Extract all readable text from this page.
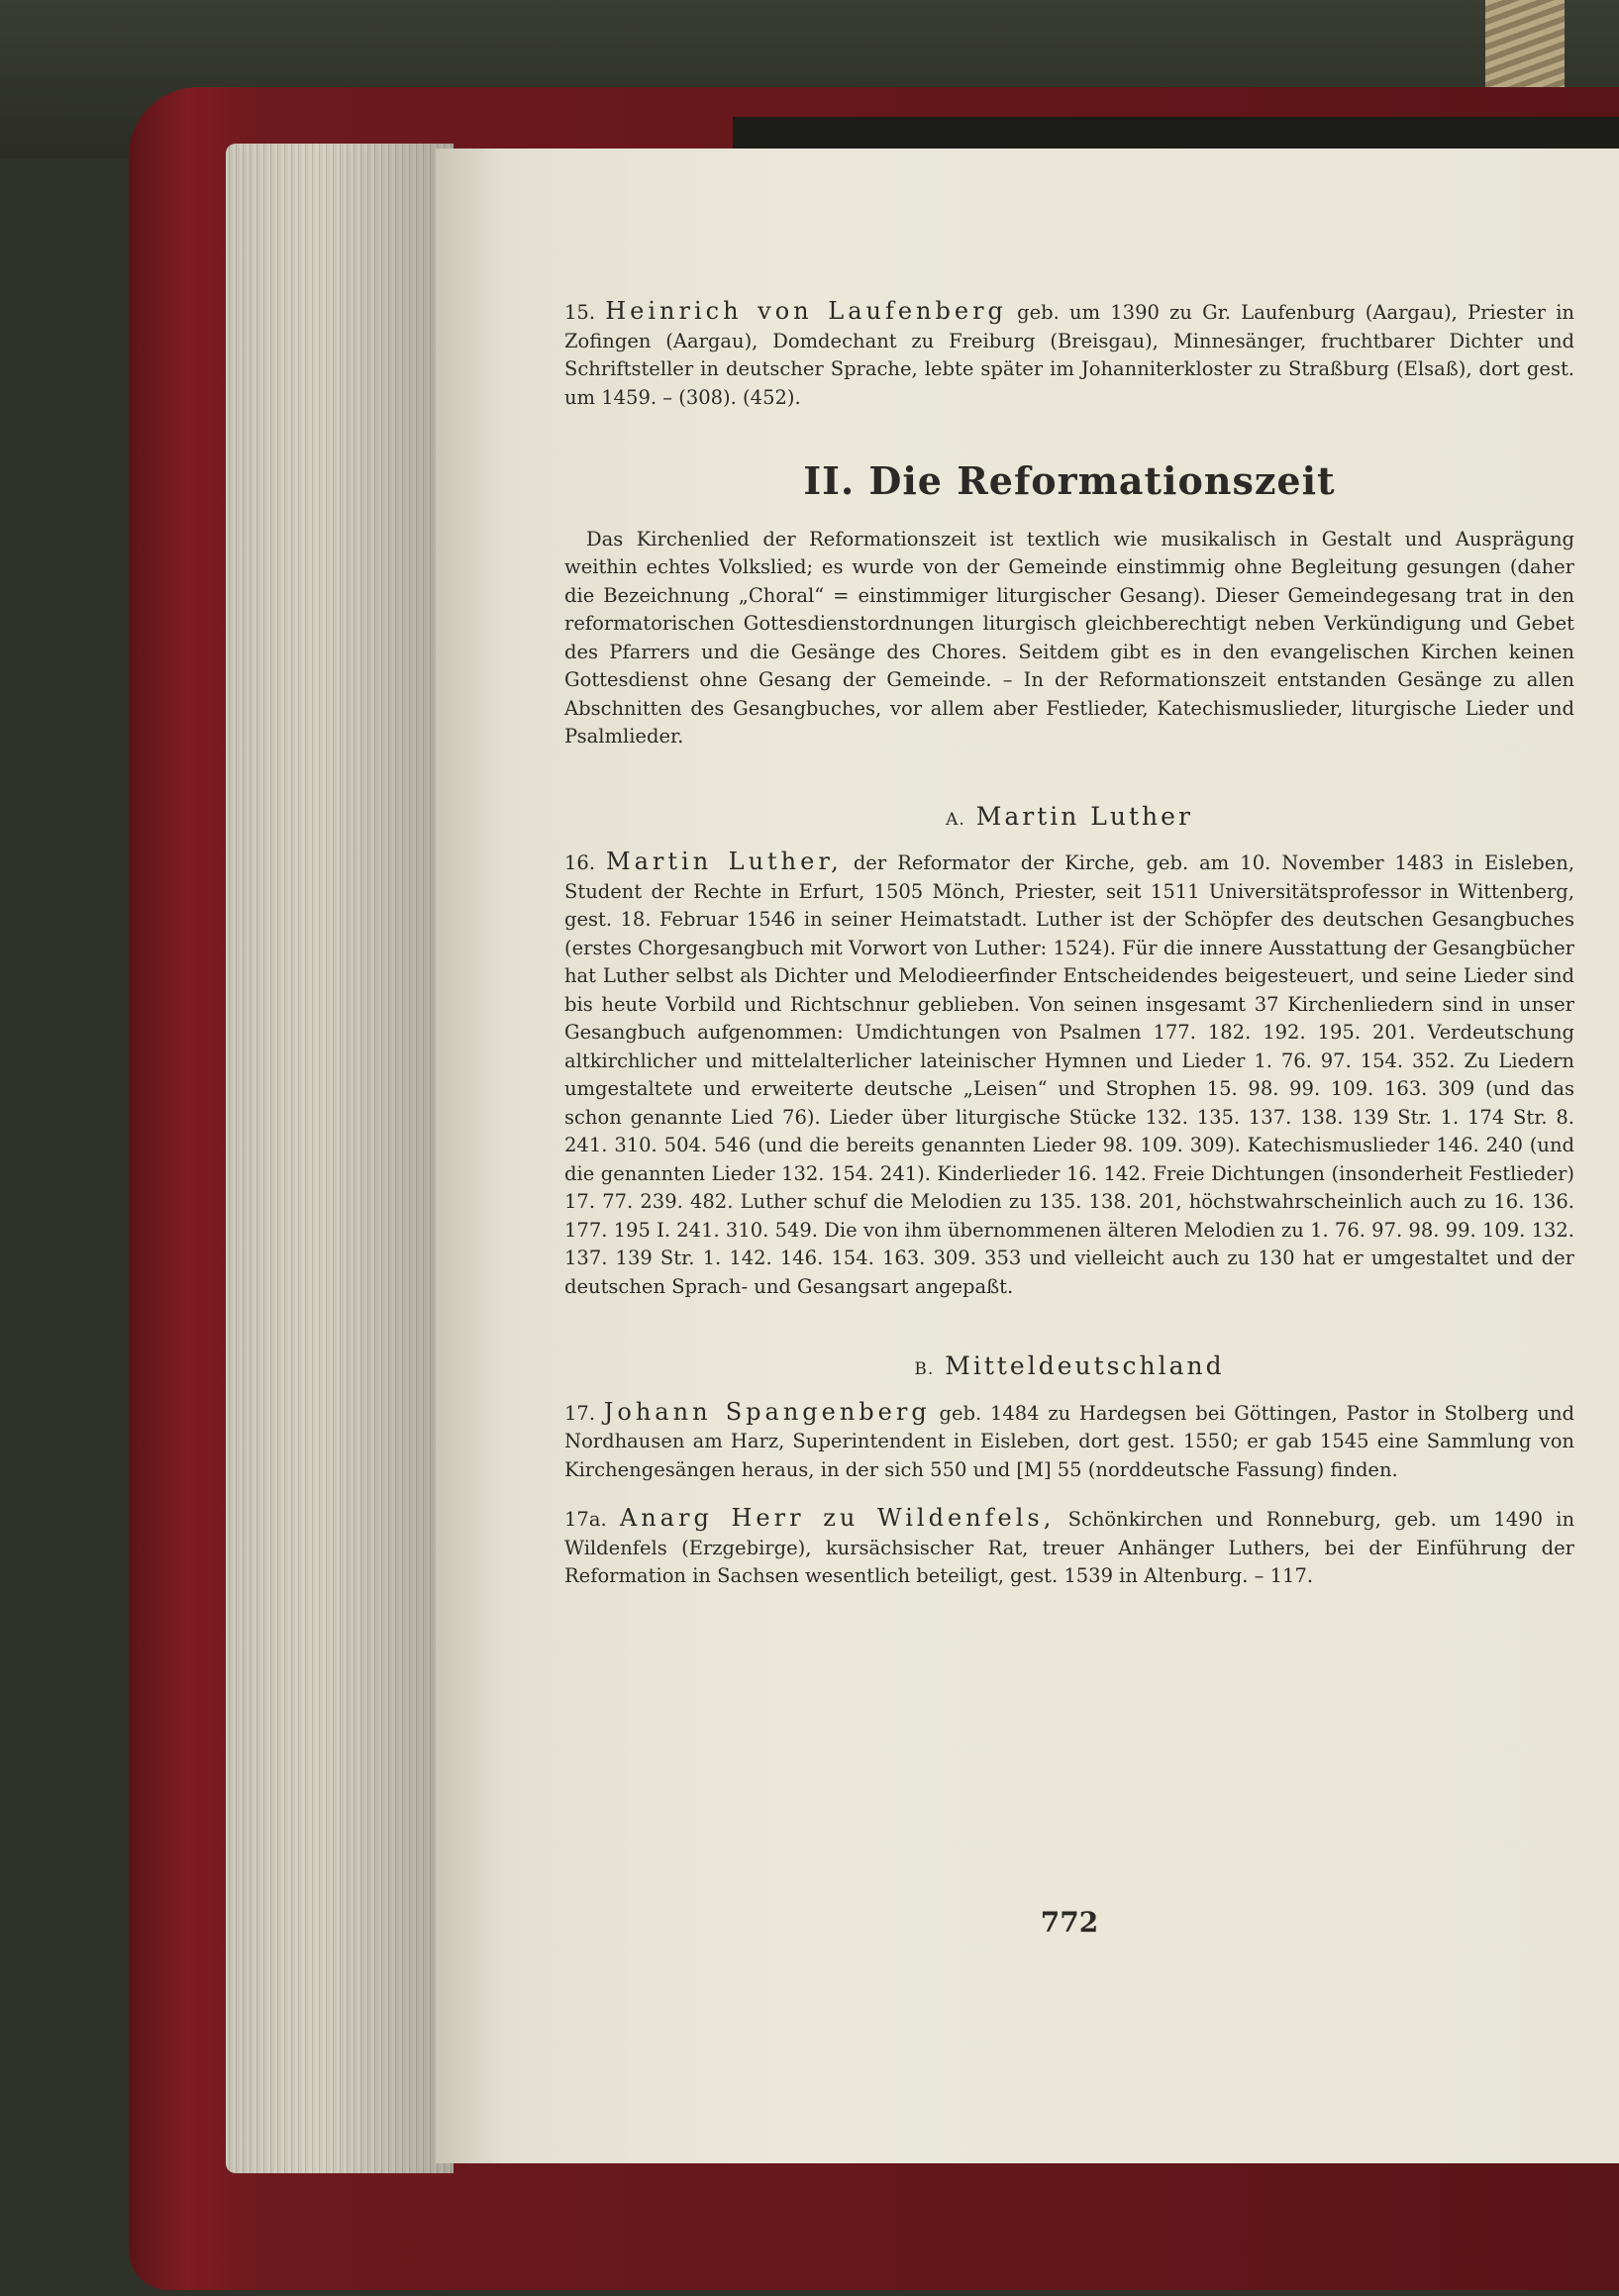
15. Heinrich von Laufenberg geb. um 1390 zu Gr. Laufenburg (Aargau), Priester in Zofingen (Aargau), Domdechant zu Freiburg (Breisgau), Minnesänger, fruchtbarer Dichter und Schriftsteller in deutscher Sprache, lebte später im Johanniterkloster zu Straßburg (Elsaß), dort gest. um 1459. – (308). (452).

II. Die Reformationszeit

Das Kirchenlied der Reformationszeit ist textlich wie musikalisch in Gestalt und Ausprägung weithin echtes Volkslied; es wurde von der Gemeinde einstimmig ohne Begleitung gesungen (daher die Bezeichnung „Choral“ = einstimmiger liturgischer Gesang). Dieser Gemeindegesang trat in den reformatorischen Gottesdienstordnungen liturgisch gleichberechtigt neben Verkündigung und Gebet des Pfarrers und die Gesänge des Chores. Seitdem gibt es in den evangelischen Kirchen keinen Gottesdienst ohne Gesang der Gemeinde. – In der Reformationszeit entstanden Gesänge zu allen Abschnitten des Gesangbuches, vor allem aber Festlieder, Katechismuslieder, liturgische Lieder und Psalmlieder.

A. Martin Luther

16. Martin Luther, der Reformator der Kirche, geb. am 10. November 1483 in Eisleben, Student der Rechte in Erfurt, 1505 Mönch, Priester, seit 1511 Universitätsprofessor in Wittenberg, gest. 18. Februar 1546 in seiner Heimatstadt. Luther ist der Schöpfer des deutschen Gesangbuches (erstes Chorgesangbuch mit Vorwort von Luther: 1524). Für die innere Ausstattung der Gesangbücher hat Luther selbst als Dichter und Melodieerfinder Entscheidendes beigesteuert, und seine Lieder sind bis heute Vorbild und Richtschnur geblieben. Von seinen insgesamt 37 Kirchenliedern sind in unser Gesangbuch aufgenommen: Umdichtungen von Psalmen 177. 182. 192. 195. 201. Verdeutschung altkirchlicher und mittelalterlicher lateinischer Hymnen und Lieder 1. 76. 97. 154. 352. Zu Liedern umgestaltete und erweiterte deutsche „Leisen“ und Strophen 15. 98. 99. 109. 163. 309 (und das schon genannte Lied 76). Lieder über liturgische Stücke 132. 135. 137. 138. 139 Str. 1. 174 Str. 8. 241. 310. 504. 546 (und die bereits genannten Lieder 98. 109. 309). Katechismuslieder 146. 240 (und die genannten Lieder 132. 154. 241). Kinderlieder 16. 142. Freie Dichtungen (insonderheit Festlieder) 17. 77. 239. 482. Luther schuf die Melodien zu 135. 138. 201, höchstwahrscheinlich auch zu 16. 136. 177. 195 I. 241. 310. 549. Die von ihm übernommenen älteren Melodien zu 1. 76. 97. 98. 99. 109. 132. 137. 139 Str. 1. 142. 146. 154. 163. 309. 353 und vielleicht auch zu 130 hat er umgestaltet und der deutschen Sprach- und Gesangsart angepaßt.

B. Mitteldeutschland

17. Johann Spangenberg geb. 1484 zu Hardegsen bei Göttingen, Pastor in Stolberg und Nordhausen am Harz, Superintendent in Eisleben, dort gest. 1550; er gab 1545 eine Sammlung von Kirchengesängen heraus, in der sich 550 und [M] 55 (norddeutsche Fassung) finden.

17a. Anarg Herr zu Wildenfels, Schönkirchen und Ronneburg, geb. um 1490 in Wildenfels (Erzgebirge), kursächsischer Rat, treuer Anhänger Luthers, bei der Einführung der Reformation in Sachsen wesentlich beteiligt, gest. 1539 in Altenburg. – 117.

772
